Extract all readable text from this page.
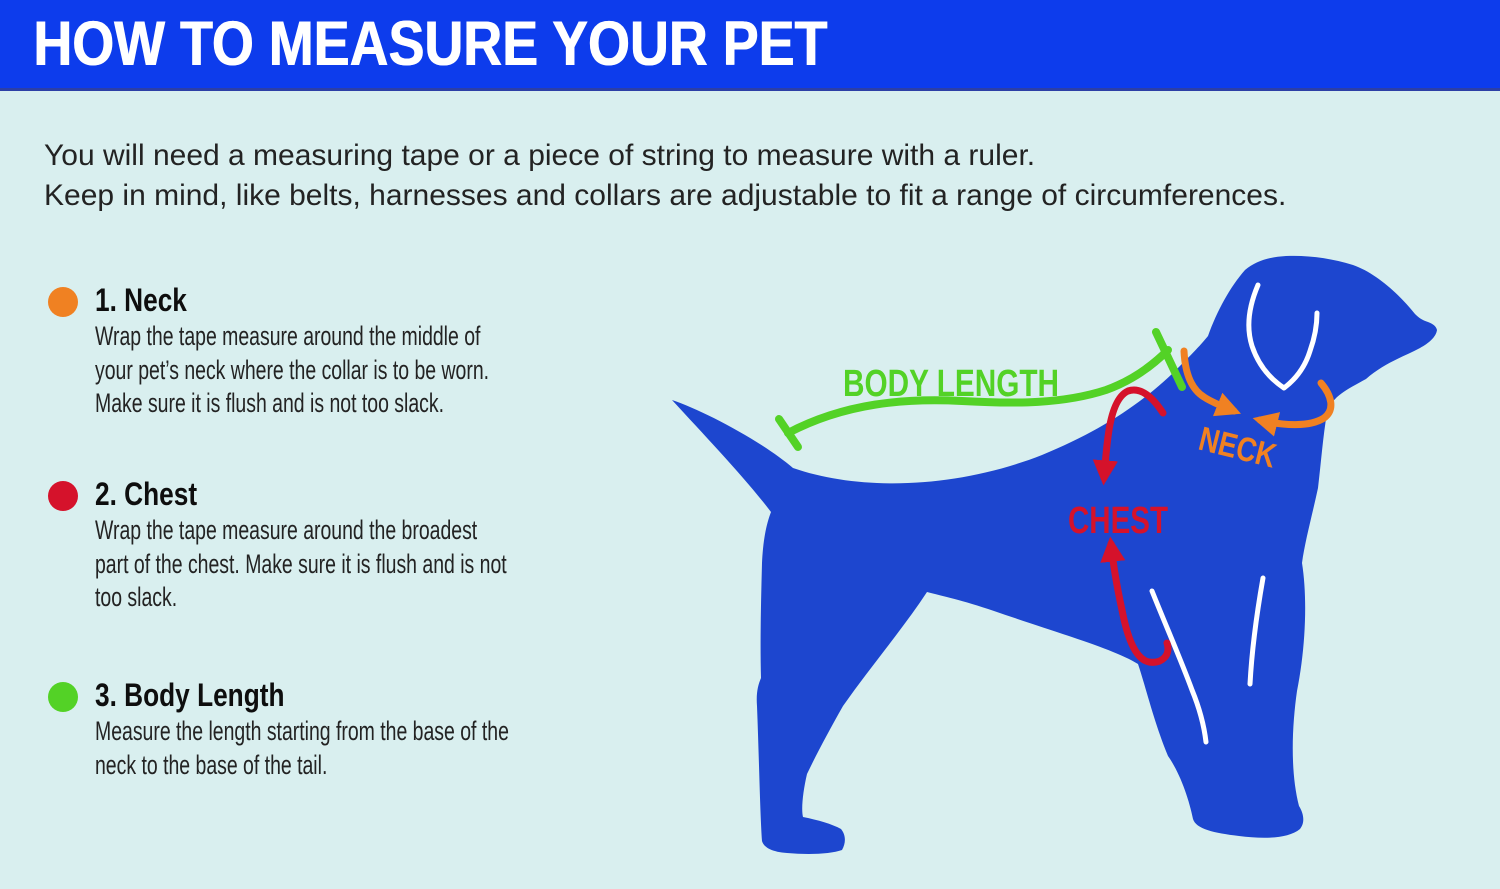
HOW TO MEASURE YOUR PET
You will need a measuring tape or a piece of string to measure with a ruler.
Keep in mind, like belts, harnesses and collars are adjustable to fit a range of circumferences.
1. Neck
Wrap the tape measure around the middle of
your pet’s neck where the collar is to be worn.
Make sure it is flush and is not too slack.
2. Chest
Wrap the tape measure around the broadest
part of the chest. Make sure it is flush and is not
too slack.
3. Body Length
Measure the length starting from the base of the
neck to the base of the tail.
BODY LENGTH
CHEST
NECK
